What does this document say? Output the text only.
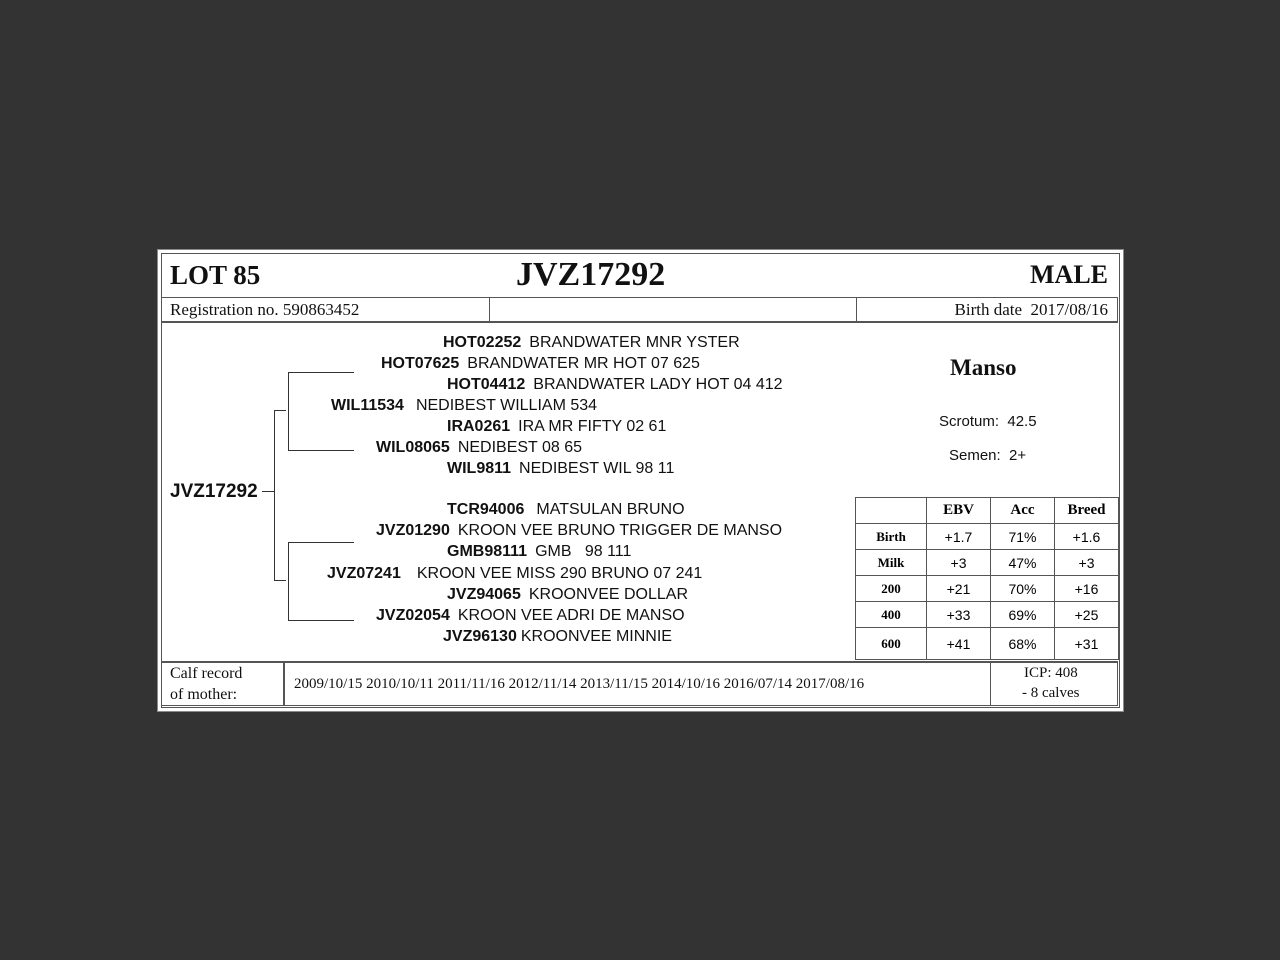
LOT 85	JVZ17292	MALE
Registration no. 590863452	Birth date 2017/08/16
JVZ17292
HOT02252 BRANDWATER MNR YSTER
HOT07625 BRANDWATER MR HOT 07 625
HOT04412 BRANDWATER LADY HOT 04 412
WIL11534 NEDIBEST WILLIAM 534
IRA0261 IRA MR FIFTY 02 61
WIL08065 NEDIBEST 08 65
WIL9811 NEDIBEST WIL 98 11
TCR94006 MATSULAN BRUNO
JVZ01290 KROON VEE BRUNO TRIGGER DE MANSO
GMB98111 GMB   98 111
JVZ07241 KROON VEE MISS 290 BRUNO 07 241
JVZ94065 KROONVEE DOLLAR
JVZ02054 KROON VEE ADRI DE MANSO
JVZ96130 KROONVEE MINNIE
Manso
Scrotum: 42.5
Semen: 2+
	EBV	Acc	Breed
Birth	+1.7	71%	+1.6
Milk	+3	47%	+3
200	+21	70%	+16
400	+33	69%	+25
600	+41	68%	+31
Calf record
of mother:
2009/10/15 2010/10/11 2011/11/16 2012/11/14 2013/11/15 2014/10/16 2016/07/14 2017/08/16
ICP: 408
- 8 calves
